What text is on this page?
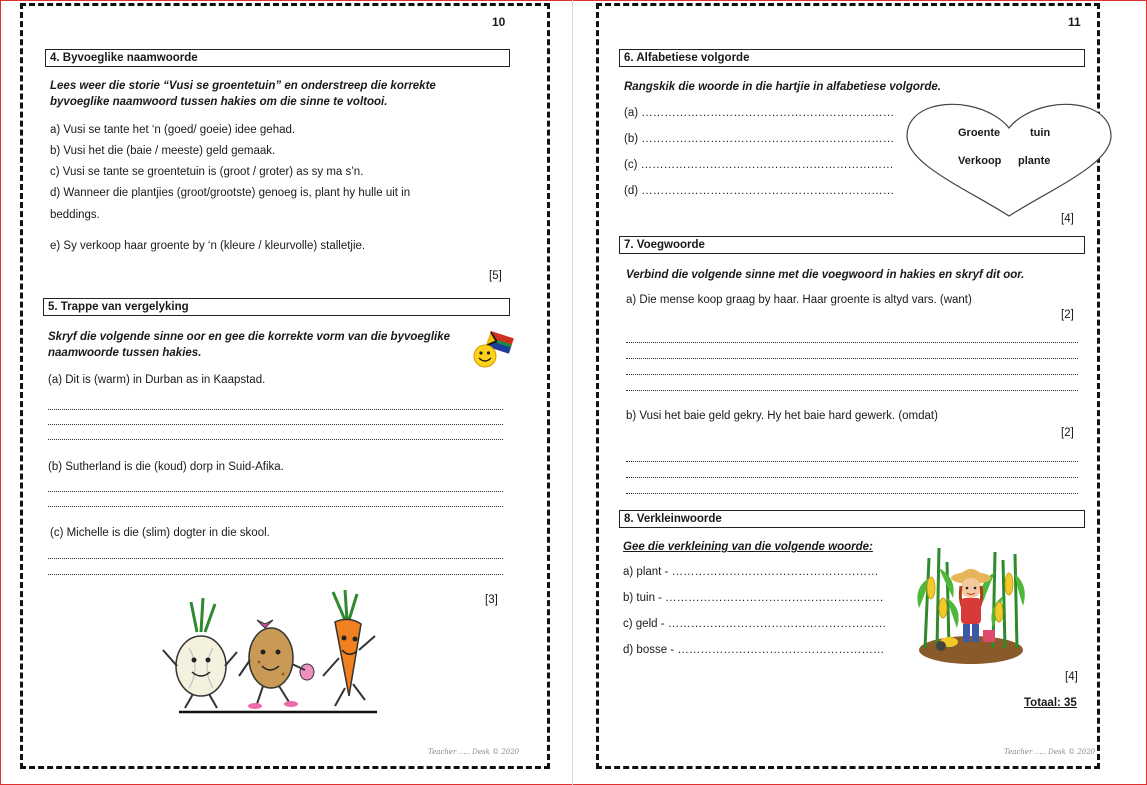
10
4. Byvoeglike naamwoorde
Lees weer die storie “Vusi se groentetuin” en onderstreep die korrekte
byvoeglike naamwoord tussen hakies om die sinne te voltooi.
a) Vusi se tante het ‘n (goed/ goeie) idee gehad.
b) Vusi het die (baie / meeste) geld gemaak.
c) Vusi se tante se groentetuin is (groot / groter) as sy ma s’n.
d) Wanneer die plantjies (groot/grootste) genoeg is, plant hy hulle uit in
beddings.
e) Sy verkoop haar groente by ‘n (kleure / kleurvolle) stalletjie.
[5]
5. Trappe van vergelyking
Skryf die volgende sinne oor en gee die korrekte vorm van die byvoeglike
naamwoorde tussen hakies.
(a) Dit is (warm) in Durban as in Kaapstad.
(b) Sutherland is die (koud) dorp in Suid-Afika.
(c) Michelle is die (slim) dogter in die skool.
[3]
Teacher ….. Desk © 2020
11
6. Alfabetiese volgorde
Rangskik die woorde in die hartjie in alfabetiese volgorde.
(a) …………………………………………………………
(b) …………………………………………………………
(c) …………………………………………………………
(d) …………………………………………………………
Groente	tuin
Verkoop plante
[4]
7. Voegwoorde
Verbind die volgende sinne met die voegwoord in hakies en skryf dit oor.
a) Die mense koop graag by haar. Haar groente is altyd vars. (want)
[2]
b) Vusi het baie geld gekry. Hy het baie hard gewerk. (omdat)
[2]
8. Verkleinwoorde
Gee die verkleining van die volgende woorde:
a) plant - ………………………………………………
b) tuin - …………………………………………………
c) geld - …………………………………………………
d) bosse - ………………………………………………
[4]
Totaal: 35
Teacher ….. Desk © 2020
